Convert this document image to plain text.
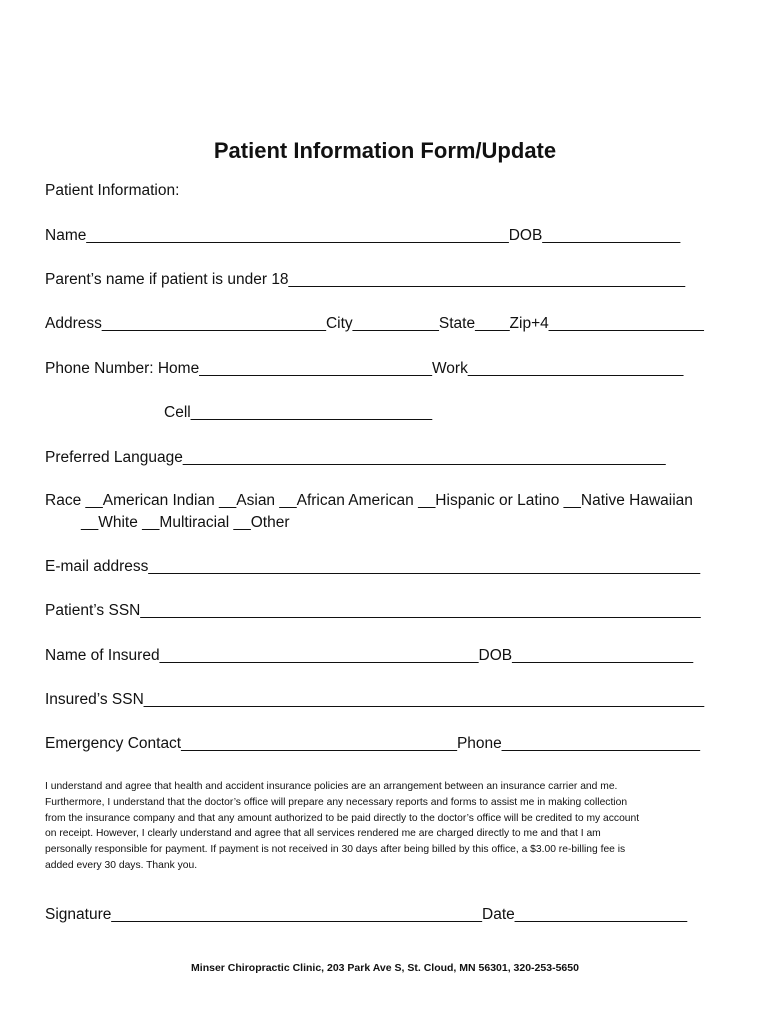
Patient Information Form/Update
Patient Information:
Name_________________________________________________DOB________________
Parent’s name if patient is under 18______________________________________________
Address__________________________City__________State____Zip+4__________________
Phone Number: Home___________________________Work_________________________
Cell____________________________
Preferred Language________________________________________________________
Race __American Indian __Asian __African American __Hispanic or Latino __Native Hawaiian
__White __Multiracial __Other
E-mail address________________________________________________________________
Patient’s SSN_________________________________________________________________
Name of Insured_____________________________________DOB_____________________
Insured’s SSN_________________________________________________________________
Emergency Contact________________________________Phone_______________________
I understand and agree that health and accident insurance policies are an arrangement between an insurance carrier and me.
Furthermore, I understand that the doctor’s office will prepare any necessary reports and forms to assist me in making collection
from the insurance company and that any amount authorized to be paid directly to the doctor’s office will be credited to my account
on receipt. However, I clearly understand and agree that all services rendered me are charged directly to me and that I am
personally responsible for payment. If payment is not received in 30 days after being billed by this office, a $3.00 re-billing fee is
added every 30 days. Thank you.
Signature___________________________________________Date____________________
Minser Chiropractic Clinic, 203 Park Ave S, St. Cloud, MN 56301, 320-253-5650
